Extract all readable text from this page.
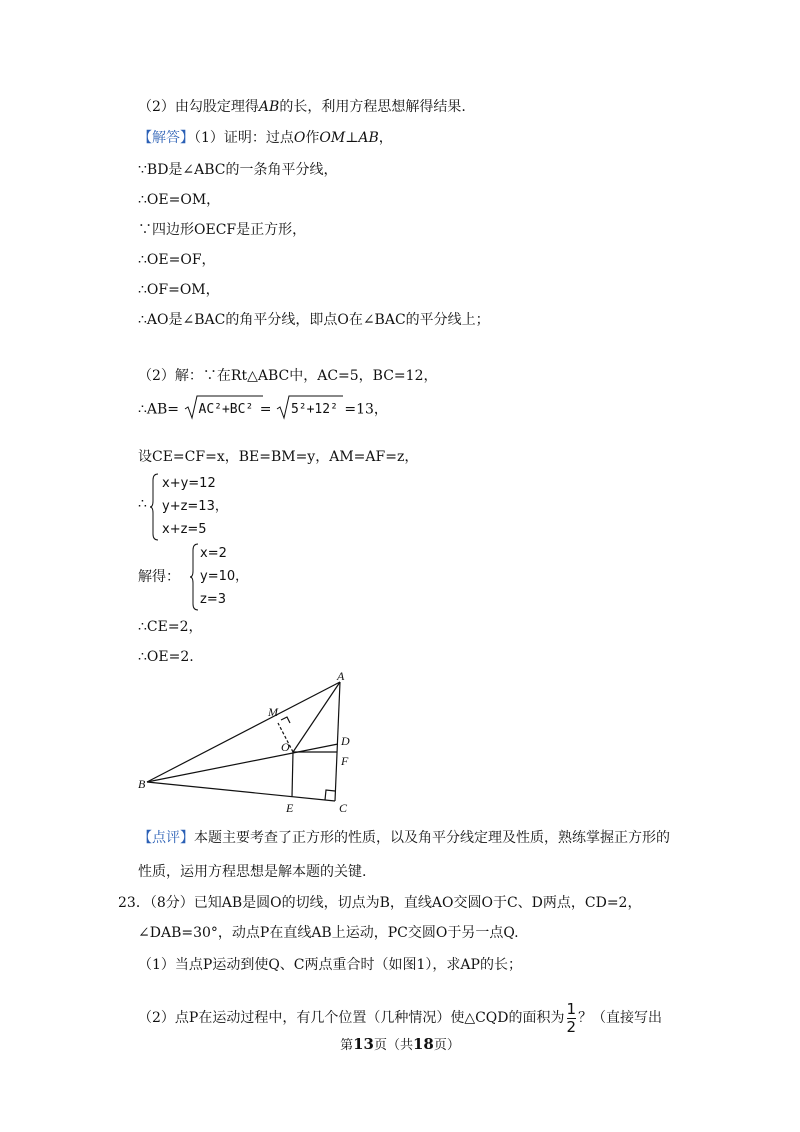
（2）由勾股定理得AB的长，利用方程思想解得结果.
【解答】（1）证明：过点O作OM⊥AB，
∵BD是∠ABC的一条角平分线，
∴OE=OM，
∵四边形OECF是正方形，
∴OE=OF，
∴OF=OM，
∴AO是∠BAC的角平分线，即点O在∠BAC的平分线上；
（2）解：∵在Rt△ABC中，AC=5，BC=12，
∴AB= AC²+BC² = 5²+12² =13，
设CE=CF=x，BE=BM=y，AM=AF=z，
∴
x+y=12
y+z=13，
x+z=5
解得：
x=2
y=10，
z=3
∴CE=2，
∴OE=2.
A
M
O	D
F
B
E	C
【点评】本题主要考查了正方形的性质，以及角平分线定理及性质，熟练掌握正方形的
性质，运用方程思想是解本题的关键.
23．（8分）已知AB是圆O的切线，切点为B，直线AO交圆O于C、D两点，CD=2，
∠DAB=30°，动点P在直线AB上运动，PC交圆O于另一点Q.
（1）当点P运动到使Q、C两点重合时（如图1），求AP的长；
（2）点P在运动过程中，有几个位置（几种情况）使△CQD的面积为 $\frac{1}{2}$ ？（直接写出
第13页（共18页）
